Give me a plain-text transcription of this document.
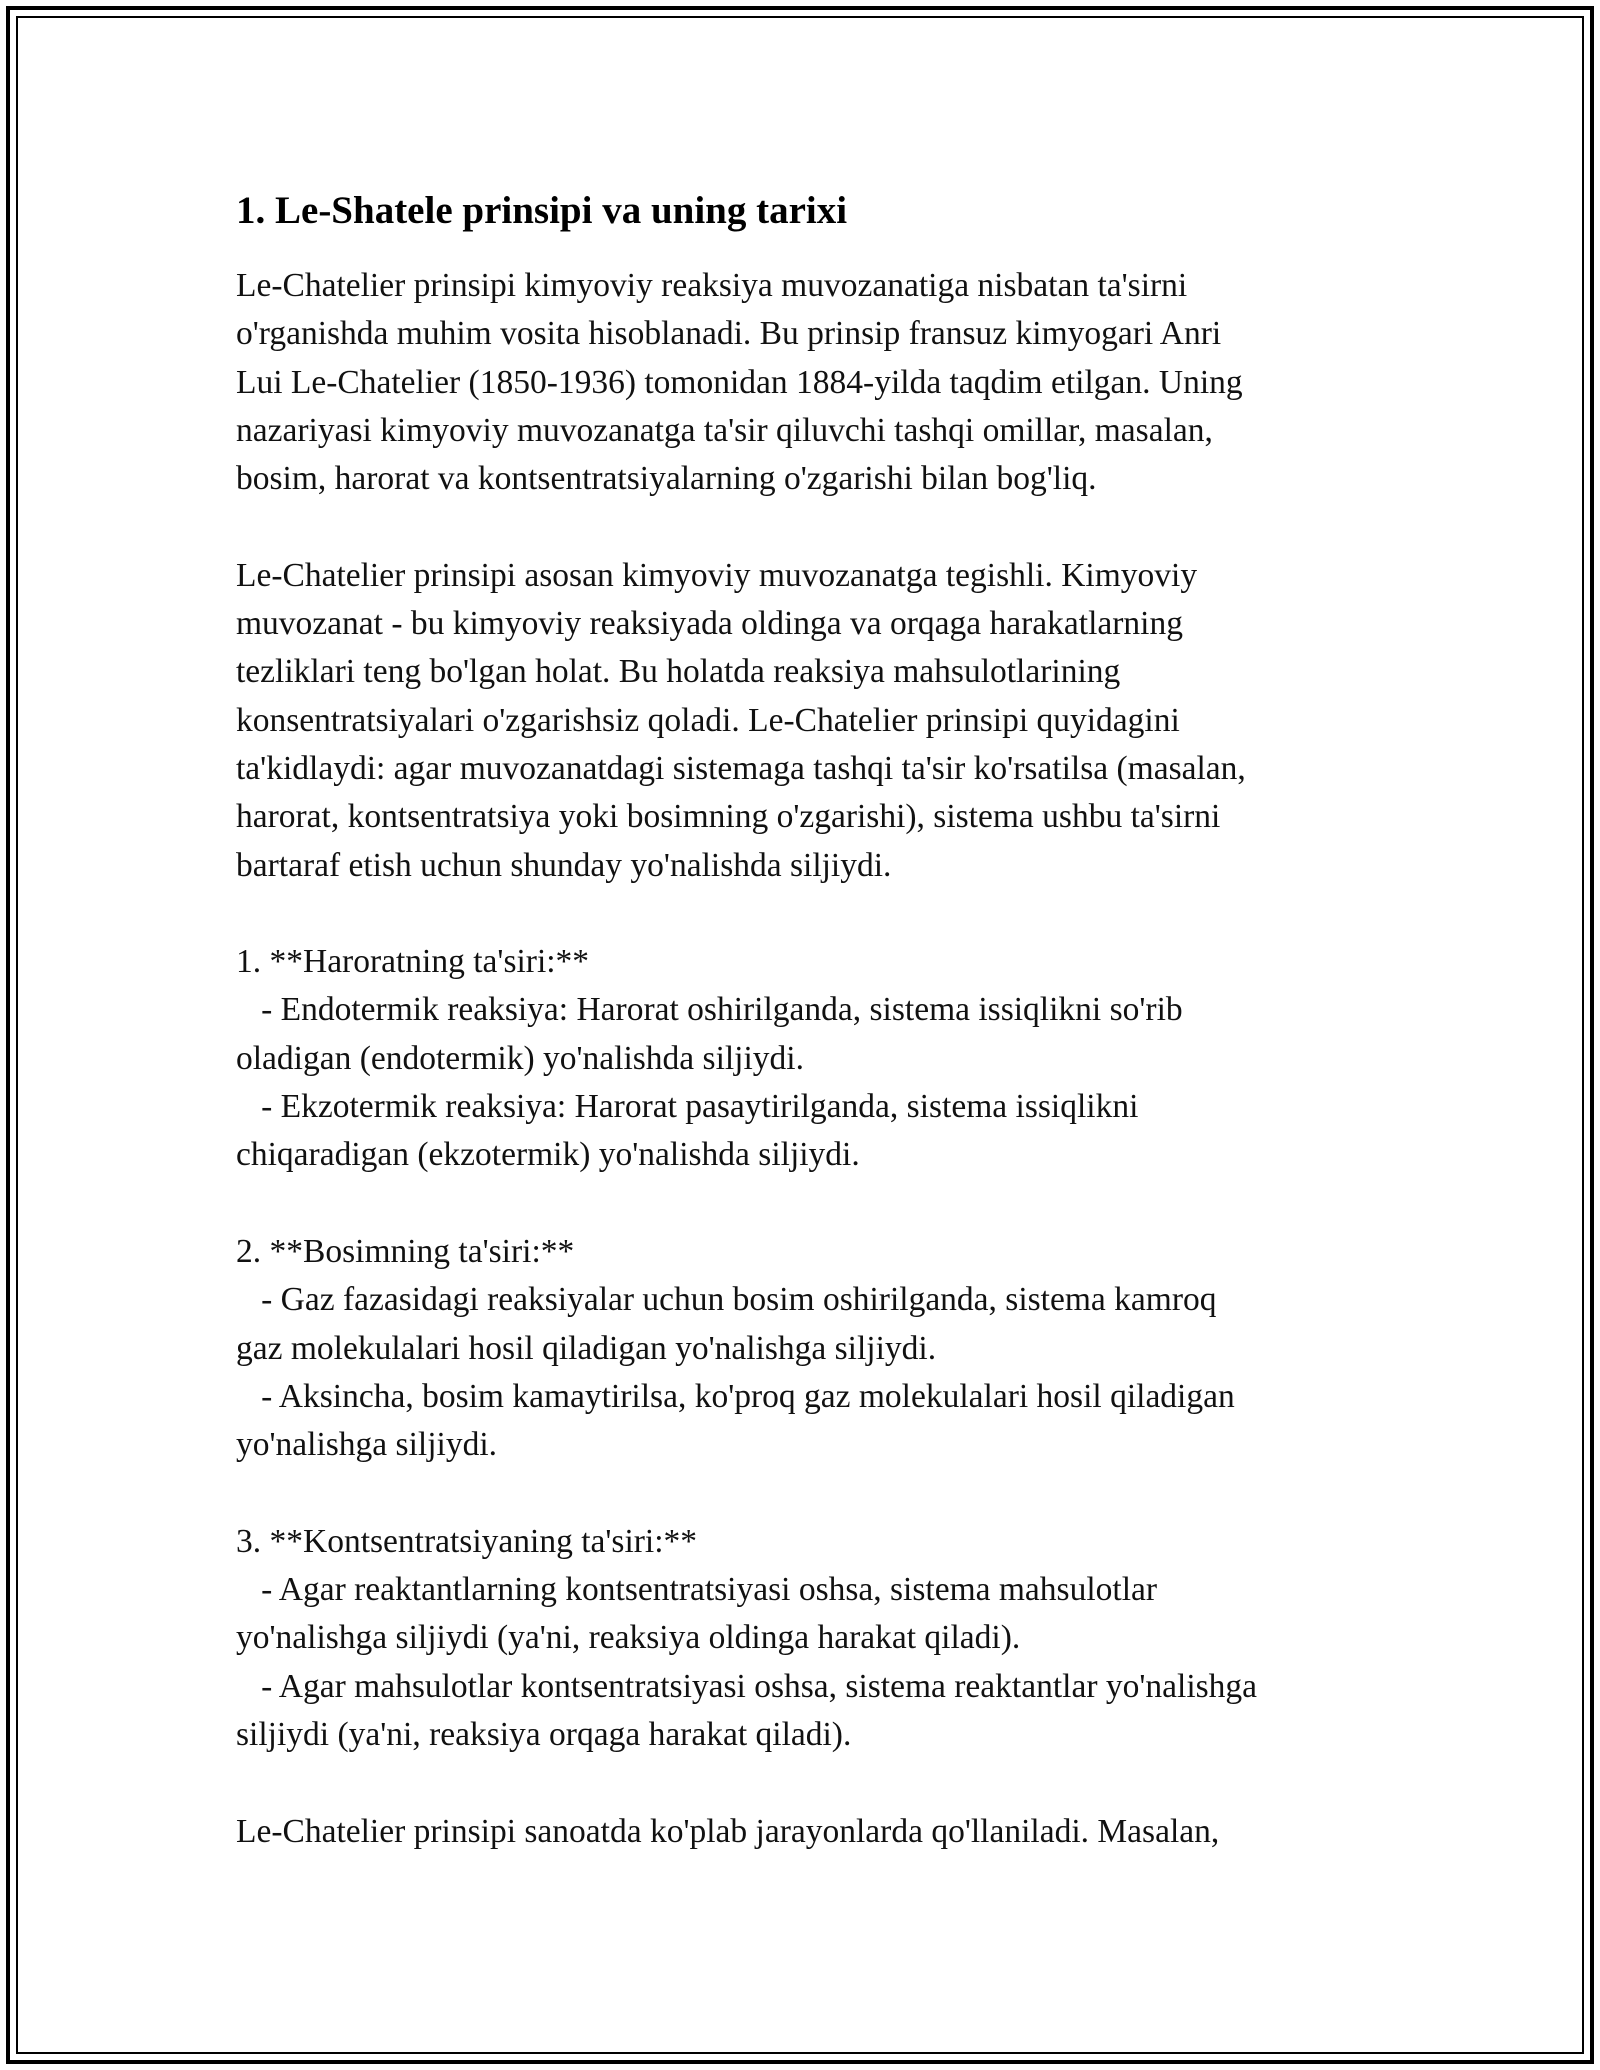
1. Le-Shatele prinsipi va uning tarixi

Le-Chatelier prinsipi kimyoviy reaksiya muvozanatiga nisbatan ta'sirni
o'rganishda muhim vosita hisoblanadi. Bu prinsip fransuz kimyogari Anri
Lui Le-Chatelier (1850-1936) tomonidan 1884-yilda taqdim etilgan. Uning
nazariyasi kimyoviy muvozanatga ta'sir qiluvchi tashqi omillar, masalan,
bosim, harorat va kontsentratsiyalarning o'zgarishi bilan bog'liq.

Le-Chatelier prinsipi asosan kimyoviy muvozanatga tegishli. Kimyoviy
muvozanat - bu kimyoviy reaksiyada oldinga va orqaga harakatlarning
tezliklari teng bo'lgan holat. Bu holatda reaksiya mahsulotlarining
konsentratsiyalari o'zgarishsiz qoladi. Le-Chatelier prinsipi quyidagini
ta'kidlaydi: agar muvozanatdagi sistemaga tashqi ta'sir ko'rsatilsa (masalan,
harorat, kontsentratsiya yoki bosimning o'zgarishi), sistema ushbu ta'sirni
bartaraf etish uchun shunday yo'nalishda siljiydi.

1. **Haroratning ta'siri:**
- Endotermik reaksiya: Harorat oshirilganda, sistema issiqlikni so'rib
oladigan (endotermik) yo'nalishda siljiydi.
- Ekzotermik reaksiya: Harorat pasaytirilganda, sistema issiqlikni
chiqaradigan (ekzotermik) yo'nalishda siljiydi.

2. **Bosimning ta'siri:**
- Gaz fazasidagi reaksiyalar uchun bosim oshirilganda, sistema kamroq
gaz molekulalari hosil qiladigan yo'nalishga siljiydi.
- Aksincha, bosim kamaytirilsa, ko'proq gaz molekulalari hosil qiladigan
yo'nalishga siljiydi.

3. **Kontsentratsiyaning ta'siri:**
- Agar reaktantlarning kontsentratsiyasi oshsa, sistema mahsulotlar
yo'nalishga siljiydi (ya'ni, reaksiya oldinga harakat qiladi).
- Agar mahsulotlar kontsentratsiyasi oshsa, sistema reaktantlar yo'nalishga
siljiydi (ya'ni, reaksiya orqaga harakat qiladi).

Le-Chatelier prinsipi sanoatda ko'plab jarayonlarda qo'llaniladi. Masalan,
